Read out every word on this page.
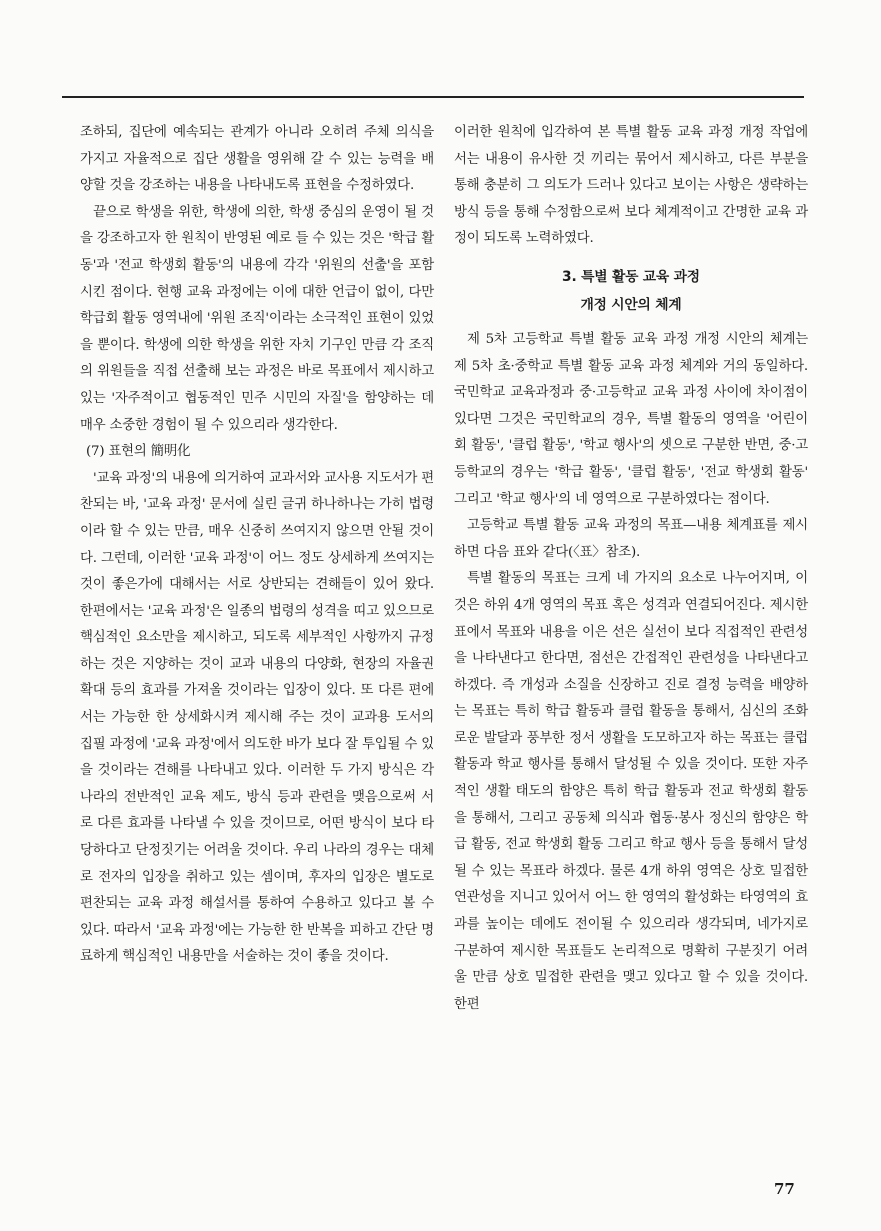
조하되, 집단에 예속되는 관계가 아니라 오히려 주체 의식을 가지고 자율적으로 집단 생활을 영위해 갈 수 있는 능력을 배양할 것을 강조하는 내용을 나타내도록 표현을 수정하였다.

끝으로 학생을 위한, 학생에 의한, 학생 중심의 운영이 될 것을 강조하고자 한 원칙이 반영된 예로 들 수 있는 것은 '학급 활동'과 '전교 학생회 활동'의 내용에 각각 '위원의 선출'을 포함시킨 점이다. 현행 교육 과정에는 이에 대한 언급이 없이, 다만 학급회 활동 영역내에 '위원 조직'이라는 소극적인 표현이 있었을 뿐이다. 학생에 의한 학생을 위한 자치 기구인 만큼 각 조직의 위원들을 직접 선출해 보는 과정은 바로 목표에서 제시하고 있는 '자주적이고 협동적인 민주 시민의 자질'을 함양하는 데 매우 소중한 경험이 될 수 있으리라 생각한다.

(7) 표현의 簡明化

'교육 과정'의 내용에 의거하여 교과서와 교사용 지도서가 편찬되는 바, '교육 과정' 문서에 실린 글귀 하나하나는 가히 법령이라 할 수 있는 만큼, 매우 신중히 쓰여지지 않으면 안될 것이다. 그런데, 이러한 '교육 과정'이 어느 정도 상세하게 쓰여지는 것이 좋은가에 대해서는 서로 상반되는 견해들이 있어 왔다. 한편에서는 '교육 과정'은 일종의 법령의 성격을 띠고 있으므로 핵심적인 요소만을 제시하고, 되도록 세부적인 사항까지 규정하는 것은 지양하는 것이 교과 내용의 다양화, 현장의 자율권 확대 등의 효과를 가져올 것이라는 입장이 있다. 또 다른 편에서는 가능한 한 상세화시켜 제시해 주는 것이 교과용 도서의 집필 과정에 '교육 과정'에서 의도한 바가 보다 잘 투입될 수 있을 것이라는 견해를 나타내고 있다. 이러한 두 가지 방식은 각 나라의 전반적인 교육 제도, 방식 등과 관련을 맺음으로써 서로 다른 효과를 나타낼 수 있을 것이므로, 어떤 방식이 보다 타당하다고 단정짓기는 어려울 것이다. 우리 나라의 경우는 대체로 전자의 입장을 취하고 있는 셈이며, 후자의 입장은 별도로 편찬되는 교육 과정 해설서를 통하여 수용하고 있다고 볼 수 있다. 따라서 '교육 과정'에는 가능한 한 반복을 피하고 간단 명료하게 핵심적인 내용만을 서술하는 것이 좋을 것이다.

이러한 원칙에 입각하여 본 특별 활동 교육 과정 개정 작업에서는 내용이 유사한 것 끼리는 묶어서 제시하고, 다른 부분을 통해 충분히 그 의도가 드러나 있다고 보이는 사항은 생략하는 방식 등을 통해 수정함으로써 보다 체계적이고 간명한 교육 과정이 되도록 노력하였다.

3. 특별 활동 교육 과정
개정 시안의 체계

제 5차 고등학교 특별 활동 교육 과정 개정 시안의 체계는 제 5차 초·중학교 특별 활동 교육 과정 체계와 거의 동일하다. 국민학교 교육과정과 중·고등학교 교육 과정 사이에 차이점이 있다면 그것은 국민학교의 경우, 특별 활동의 영역을 '어린이회 활동', '클럽 활동', '학교 행사'의 셋으로 구분한 반면, 중·고등학교의 경우는 '학급 활동', '클럽 활동', '전교 학생회 활동' 그리고 '학교 행사'의 네 영역으로 구분하였다는 점이다.

고등학교 특별 활동 교육 과정의 목표—내용 체계표를 제시하면 다음 표와 같다(〈표〉참조).

특별 활동의 목표는 크게 네 가지의 요소로 나누어지며, 이것은 하위 4개 영역의 목표 혹은 성격과 연결되어진다. 제시한 표에서 목표와 내용을 이은 선은 실선이 보다 직접적인 관련성을 나타낸다고 한다면, 점선은 간접적인 관련성을 나타낸다고 하겠다. 즉 개성과 소질을 신장하고 진로 결정 능력을 배양하는 목표는 특히 학급 활동과 클럽 활동을 통해서, 심신의 조화로운 발달과 풍부한 정서 생활을 도모하고자 하는 목표는 클럽 활동과 학교 행사를 통해서 달성될 수 있을 것이다. 또한 자주적인 생활 태도의 함양은 특히 학급 활동과 전교 학생회 활동을 통해서, 그리고 공동체 의식과 협동·봉사 정신의 함양은 학급 활동, 전교 학생회 활동 그리고 학교 행사 등을 통해서 달성될 수 있는 목표라 하겠다. 물론 4개 하위 영역은 상호 밀접한 연관성을 지니고 있어서 어느 한 영역의 활성화는 타영역의 효과를 높이는 데에도 전이될 수 있으리라 생각되며, 네가지로 구분하여 제시한 목표들도 논리적으로 명확히 구분짓기 어려울 만큼 상호 밀접한 관련을 맺고 있다고 할 수 있을 것이다. 한편

77
